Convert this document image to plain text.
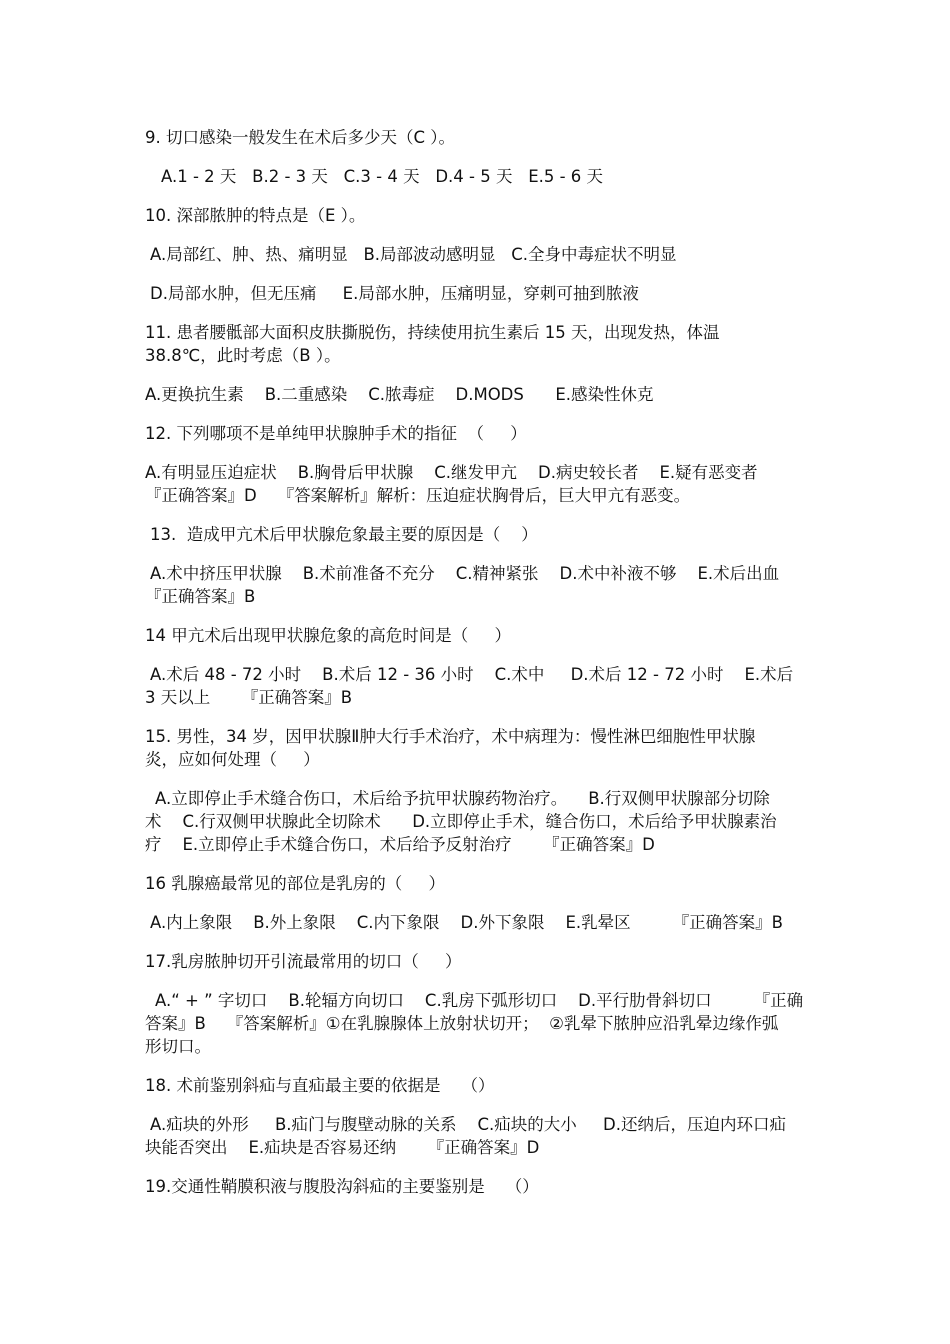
9. 切口感染一般发生在术后多少天（C ）。
A.1 - 2 天   B.2 - 3 天   C.3 - 4 天   D.4 - 5 天   E.5 - 6 天
10. 深部脓肿的特点是（E ）。
A.局部红、肿、热、痛明显   B.局部波动感明显   C.全身中毒症状不明显
D.局部水肿，但无压痛     E.局部水肿，压痛明显，穿刺可抽到脓液
11. 患者腰骶部大面积皮肤撕脱伤，持续使用抗生素后 15 天，出现发热，体温
38.8℃，此时考虑（B ）。
A.更换抗生素    B.二重感染    C.脓毒症    D.MODS      E.感染性休克
12. 下列哪项不是单纯甲状腺肿手术的指征  （     ）
A.有明显压迫症状    B.胸骨后甲状腺    C.继发甲亢    D.病史较长者    E.疑有恶变者
『正确答案』D    『答案解析』解析：压迫症状胸骨后，巨大甲亢有恶变。
13.  造成甲亢术后甲状腺危象最主要的原因是（    ）
A.术中挤压甲状腺    B.术前准备不充分    C.精神紧张    D.术中补液不够    E.术后出血
『正确答案』B
14 甲亢术后出现甲状腺危象的高危时间是（     ）
A.术后 48 - 72 小时    B.术后 12 - 36 小时    C.术中     D.术后 12 - 72 小时    E.术后
3 天以上      『正确答案』B
15. 男性，34 岁，因甲状腺Ⅱ肿大行手术治疗，术中病理为：慢性淋巴细胞性甲状腺
炎，应如何处理（     ）
A.立即停止手术缝合伤口，术后给予抗甲状腺药物治疗。    B.行双侧甲状腺部分切除
术    C.行双侧甲状腺此全切除术      D.立即停止手术，缝合伤口，术后给予甲状腺素治
疗    E.立即停止手术缝合伤口，术后给予反射治疗      『正确答案』D
16 乳腺癌最常见的部位是乳房的（     ）
A.内上象限    B.外上象限    C.内下象限    D.外下象限    E.乳晕区        『正确答案』B
17.乳房脓肿切开引流最常用的切口（     ）
A.“ + ” 字切口    B.轮辐方向切口    C.乳房下弧形切口    D.平行肋骨斜切口        『正确
答案』B    『答案解析』①在乳腺腺体上放射状切开；  ②乳晕下脓肿应沿乳晕边缘作弧
形切口。
18. 术前鉴别斜疝与直疝最主要的依据是    （）
A.疝块的外形     B.疝门与腹壁动脉的关系    C.疝块的大小     D.还纳后，压迫内环口疝
块能否突出    E.疝块是否容易还纳      『正确答案』D
19.交通性鞘膜积液与腹股沟斜疝的主要鉴别是    （）
